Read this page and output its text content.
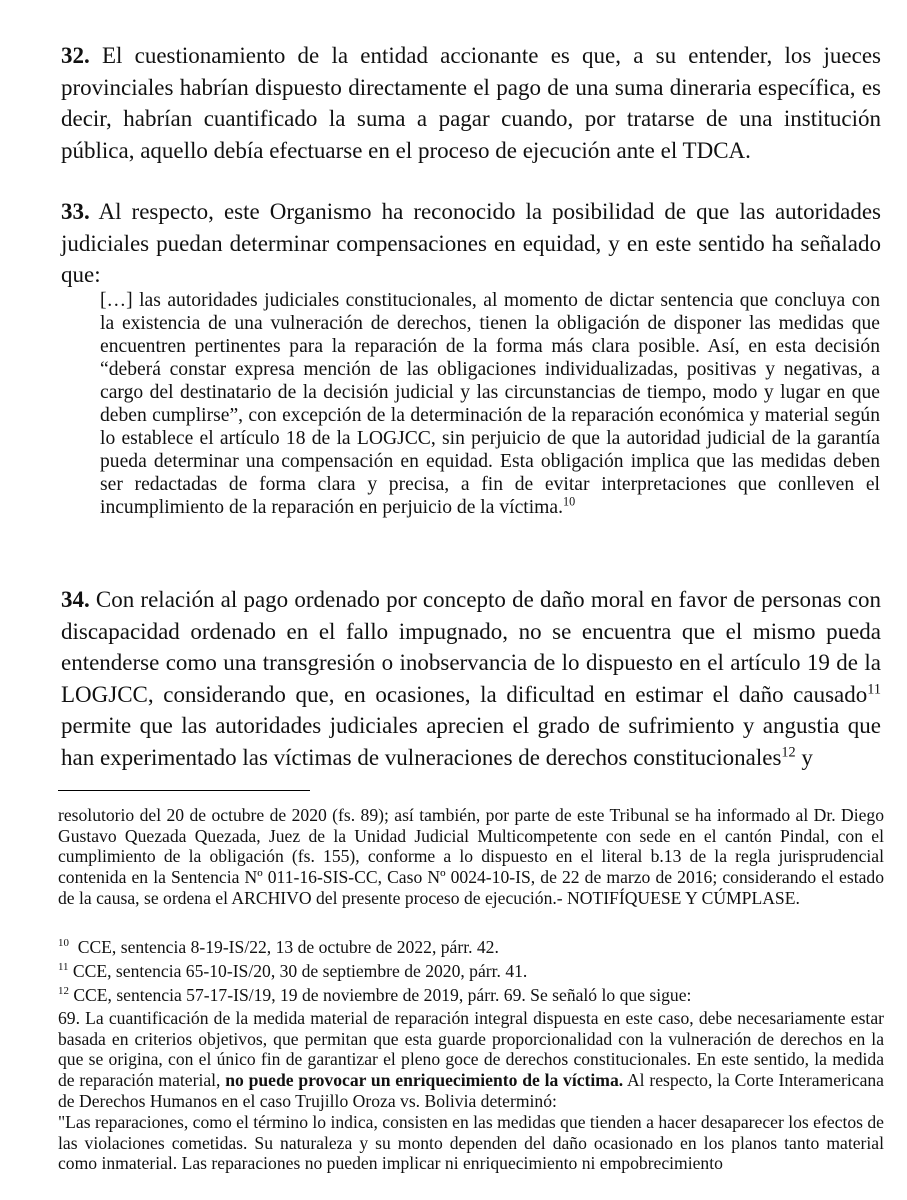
32. El cuestionamiento de la entidad accionante es que, a su entender, los jueces provinciales habrían dispuesto directamente el pago de una suma dineraria específica, es decir, habrían cuantificado la suma a pagar cuando, por tratarse de una institución pública, aquello debía efectuarse en el proceso de ejecución ante el TDCA.
33. Al respecto, este Organismo ha reconocido la posibilidad de que las autoridades judiciales puedan determinar compensaciones en equidad, y en este sentido ha señalado que:
[…] las autoridades judiciales constitucionales, al momento de dictar sentencia que concluya con la existencia de una vulneración de derechos, tienen la obligación de disponer las medidas que encuentren pertinentes para la reparación de la forma más clara posible. Así, en esta decisión “deberá constar expresa mención de las obligaciones individualizadas, positivas y negativas, a cargo del destinatario de la decisión judicial y las circunstancias de tiempo, modo y lugar en que deben cumplirse”, con excepción de la determinación de la reparación económica y material según lo establece el artículo 18 de la LOGJCC, sin perjuicio de que la autoridad judicial de la garantía pueda determinar una compensación en equidad. Esta obligación implica que las medidas deben ser redactadas de forma clara y precisa, a fin de evitar interpretaciones que conlleven el incumplimiento de la reparación en perjuicio de la víctima.$^{10}$
34. Con relación al pago ordenado por concepto de daño moral en favor de personas con discapacidad ordenado en el fallo impugnado, no se encuentra que el mismo pueda entenderse como una transgresión o inobservancia de lo dispuesto en el artículo 19 de la LOGJCC, considerando que, en ocasiones, la dificultad en estimar el daño causado$^{11}$ permite que las autoridades judiciales aprecien el grado de sufrimiento y angustia que han experimentado las víctimas de vulneraciones de derechos constitucionales$^{12}$ y
resolutorio del 20 de octubre de 2020 (fs. 89); así también, por parte de este Tribunal se ha informado al Dr. Diego Gustavo Quezada Quezada, Juez de la Unidad Judicial Multicompetente con sede en el cantón Pindal, con el cumplimiento de la obligación (fs. 155), conforme a lo dispuesto en el literal b.13 de la regla jurisprudencial contenida en la Sentencia Nº 011-16-SIS-CC, Caso Nº 0024-10-IS, de 22 de marzo de 2016; considerando el estado de la causa, se ordena el ARCHIVO del presente proceso de ejecución.- NOTIFÍQUESE Y CÚMPLASE.
$^{10}$ CCE, sentencia 8-19-IS/22, 13 de octubre de 2022, párr. 42.
$^{11}$ CCE, sentencia 65-10-IS/20, 30 de septiembre de 2020, párr. 41.
$^{12}$ CCE, sentencia 57-17-IS/19, 19 de noviembre de 2019, párr. 69. Se señaló lo que sigue:
69. La cuantificación de la medida material de reparación integral dispuesta en este caso, debe necesariamente estar basada en criterios objetivos, que permitan que esta guarde proporcionalidad con la vulneración de derechos en la que se origina, con el único fin de garantizar el pleno goce de derechos constitucionales. En este sentido, la medida de reparación material, no puede provocar un enriquecimiento de la víctima. Al respecto, la Corte Interamericana de Derechos Humanos en el caso Trujillo Oroza vs. Bolivia determinó:
"Las reparaciones, como el término lo indica, consisten en las medidas que tienden a hacer desaparecer los efectos de las violaciones cometidas. Su naturaleza y su monto dependen del daño ocasionado en los planos tanto material como inmaterial. Las reparaciones no pueden implicar ni enriquecimiento ni empobrecimiento
